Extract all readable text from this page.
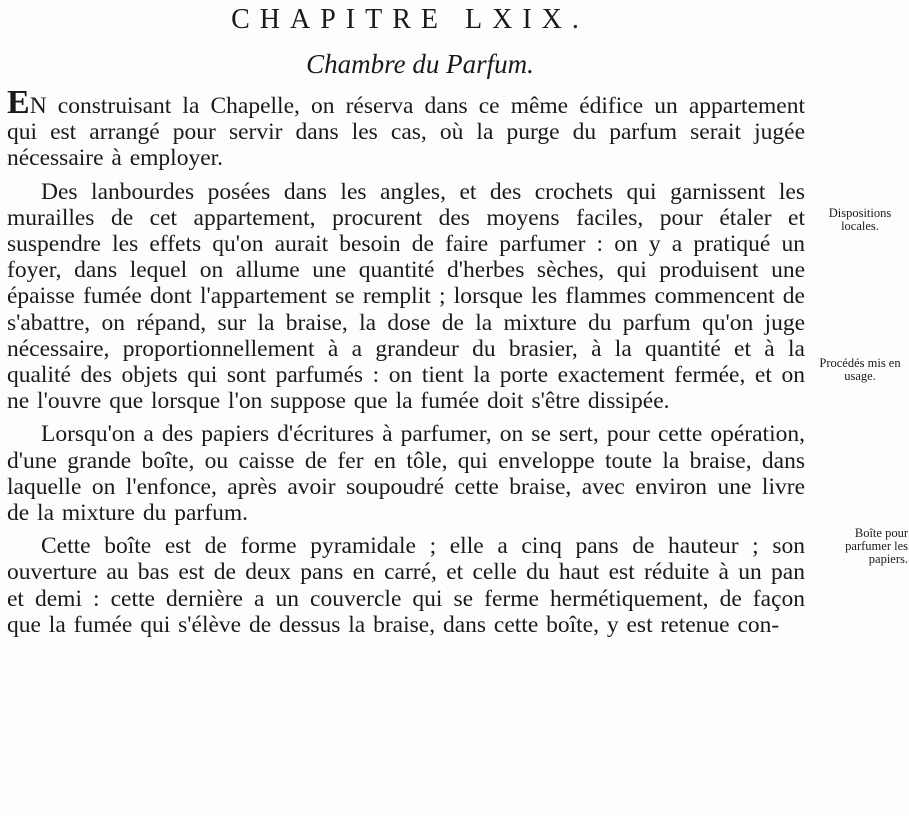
CHAPITRE LXIX.
Chambre du Parfum.

EN construisant la Chapelle, on réserva dans ce même édifice un appartement qui est arrangé pour servir dans les cas, où la purge du parfum serait jugée nécessaire à employer.

Des lanbourdes posées dans les angles, et des crochets qui garnissent les murailles de cet appartement, procurent des moyens faciles, pour étaler et suspendre les effets qu'on aurait besoin de faire parfumer : on y a pratiqué un foyer, dans lequel on allume une quantité d'herbes sèches, qui produisent une épaisse fumée dont l'appartement se remplit ; lorsque les flammes commencent de s'abattre, on répand, sur la braise, la dose de la mixture du parfum qu'on juge nécessaire, proportionnellement à a grandeur du brasier, à la quantité et à la qualité des objets qui sont parfumés : on tient la porte exactement fermée, et on ne l'ouvre que lorsque l'on suppose que la fumée doit s'être dissipée.

Lorsqu'on a des papiers d'écritures à parfumer, on se sert, pour cette opération, d'une grande boîte, ou caisse de fer en tôle, qui enveloppe toute la braise, dans laquelle on l'enfonce, après avoir soupoudré cette braise, avec environ une livre de la mixture du parfum.

Cette boîte est de forme pyramidale ; elle a cinq pans de hauteur ; son ouverture au bas est de deux pans en carré, et celle du haut est réduite à un pan et demi : cette dernière a un couvercle qui se ferme hermétiquement, de façon que la fumée qui s'élève de dessus la braise, dans cette boîte, y est retenue con-

Dispositions locales.
Procédés mis en usage.
Boîte pour parfumer les papiers.
